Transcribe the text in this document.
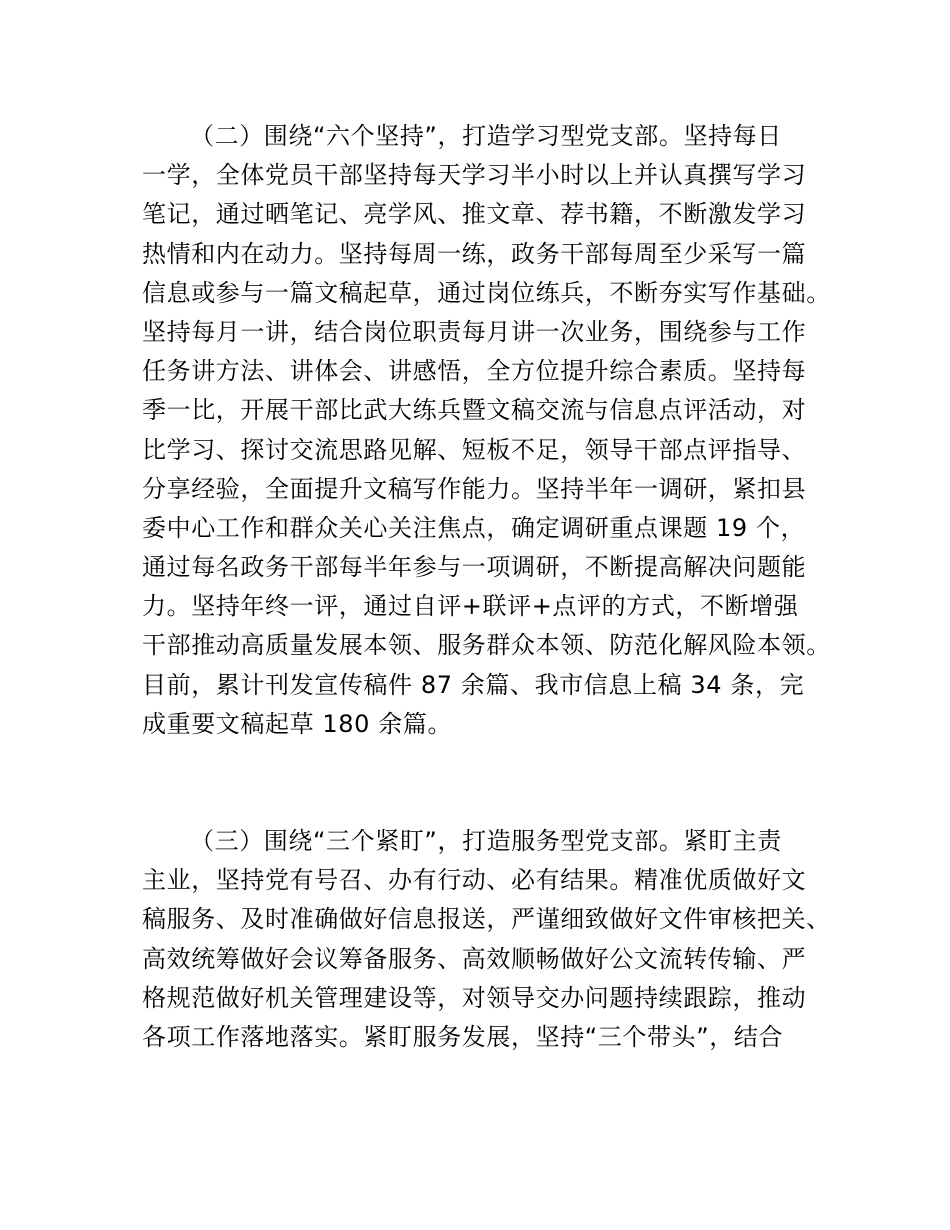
（二）围绕“六个坚持”，打造学习型党支部。坚持每日
一学，全体党员干部坚持每天学习半小时以上并认真撰写学习
笔记，通过晒笔记、亮学风、推文章、荐书籍，不断激发学习
热情和内在动力。坚持每周一练，政务干部每周至少采写一篇
信息或参与一篇文稿起草，通过岗位练兵，不断夯实写作基础。
坚持每月一讲，结合岗位职责每月讲一次业务，围绕参与工作
任务讲方法、讲体会、讲感悟，全方位提升综合素质。坚持每
季一比，开展干部比武大练兵暨文稿交流与信息点评活动，对
比学习、探讨交流思路见解、短板不足，领导干部点评指导、
分享经验，全面提升文稿写作能力。坚持半年一调研，紧扣县
委中心工作和群众关心关注焦点，确定调研重点课题 19 个，
通过每名政务干部每半年参与一项调研，不断提高解决问题能
力。坚持年终一评，通过自评+联评+点评的方式，不断增强
干部推动高质量发展本领、服务群众本领、防范化解风险本领。
目前，累计刊发宣传稿件 87 余篇、我市信息上稿 34 条，完
成重要文稿起草 180 余篇。
（三）围绕“三个紧盯”，打造服务型党支部。紧盯主责
主业，坚持党有号召、办有行动、必有结果。精准优质做好文
稿服务、及时准确做好信息报送，严谨细致做好文件审核把关、
高效统筹做好会议筹备服务、高效顺畅做好公文流转传输、严
格规范做好机关管理建设等，对领导交办问题持续跟踪，推动
各项工作落地落实。紧盯服务发展，坚持“三个带头”，结合
